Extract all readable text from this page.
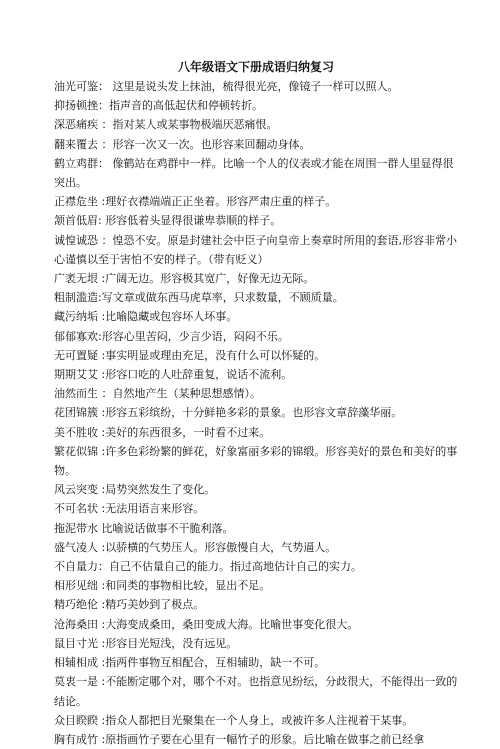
八年级语文下册成语归纳复习

油光可鉴： 这里是说头发上抹油，梳得很光亮，像镜子一样可以照人。

抑扬顿挫：指声音的高低起伏和停顿转折。

深恶痛疾 ：指对某人或某事物极端厌恶痛恨。

翻来覆去 ：形容一次又一次。也形容来回翻动身体。

鹤立鸡群： 像鹤站在鸡群中一样。比喻一个人的仪表或才能在周围一群人里显得很突出。

正襟危坐 :理好衣襟端端正正坐着。形容严肃庄重的样子。

颔首低眉: 形容低着头显得很谦卑恭顺的样子。

诚惶诚恐 ：惶恐不安。原是封建社会中臣子向皇帝上奏章时所用的套语,形容非常小心谨慎以至于害怕不安的样子。（带有贬义）

广袤无垠 :广阔无边。形容极其宽广，好像无边无际。

粗制滥造:写文章或做东西马虎草率，只求数量，不顾质量。

藏污纳垢 :比喻隐藏或包容坏人坏事。

郁郁寡欢:形容心里苦闷，少言少语，闷闷不乐。

无可置疑 :事实明显或理由充足，没有什么可以怀疑的。

期期艾艾 :形容口吃的人吐辞重复，说话不流利。

油然而生 ：自然地产生（某种思想感情）。

花团锦簇 :形容五彩缤纷，十分鲜艳多彩的景象。也形容文章辞藻华丽。

美不胜收 :美好的东西很多，一时看不过来。

繁花似锦 :许多色彩纷繁的鲜花，好象富丽多彩的锦缎。形容美好的景色和美好的事物。

风云突变 :局势突然发生了变化。

不可名状 :无法用语言来形容。

拖泥带水 比喻说话做事不干脆利落。

盛气凌人 :以骄横的气势压人。形容傲慢自大，气势逼人。

不自量力：自己不估量自己的能力。指过高地估计自己的实力。

相形见绌 :和同类的事物相比较，显出不足。

精巧绝伦 :精巧美妙到了极点。

沧海桑田 :大海变成桑田，桑田变成大海。比喻世事变化很大。

鼠目寸光 :形容目光短浅，没有远见。

相辅相成 :指两件事物互相配合，互相辅助，缺一不可。

莫衷一是 :不能断定哪个对，哪个不对。也指意见纷纭，分歧很大，不能得出一致的结论。

众目睽睽 :指众人都把目光聚集在一个人身上，或被许多人注视着干某事。

胸有成竹 :原指画竹子要在心里有一幅竹子的形象。后比喻在做事之前已经拿
